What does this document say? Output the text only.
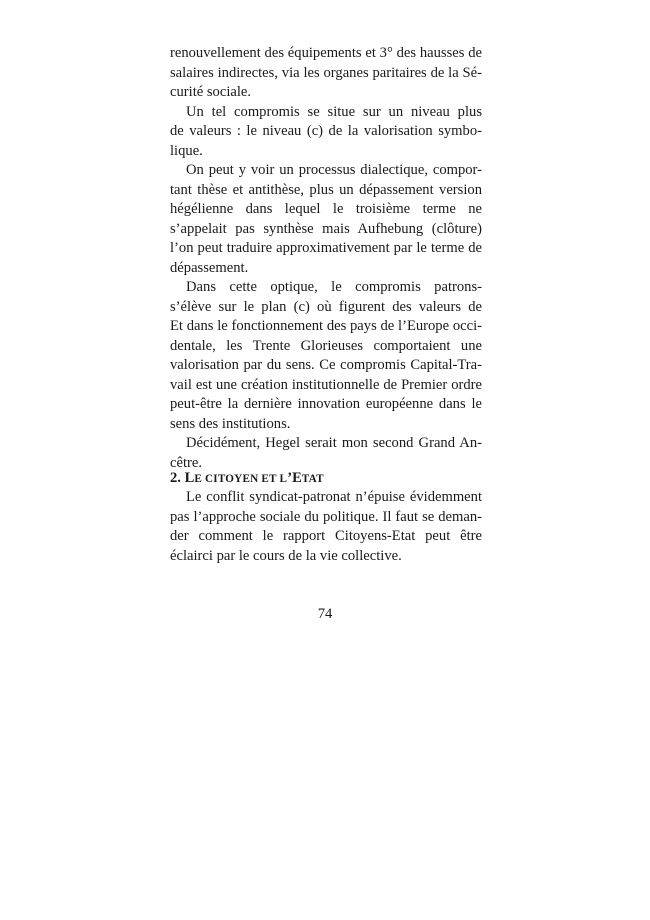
renouvellement des équipements et 3° des hausses de
salaires indirectes, via les organes paritaires de la Sé-
curité sociale.
Un tel compromis se situe sur un niveau plus
de valeurs : le niveau (c) de la valorisation symbo-
lique.
On peut y voir un processus dialectique, compor-
tant thèse et antithèse, plus un dépassement version
hégélienne dans lequel le troisième terme ne
s’appelait pas synthèse mais Aufhebung (clôture)
l’on peut traduire approximativement par le terme de
dépassement.
Dans cette optique, le compromis patrons-
s’élève sur le plan (c) où figurent des valeurs de
Et dans le fonctionnement des pays de l’Europe occi-
dentale, les Trente Glorieuses comportaient une
valorisation par du sens. Ce compromis Capital-Tra-
vail est une création institutionnelle de Premier ordre
peut-être la dernière innovation européenne dans le
sens des institutions.
Décidément, Hegel serait mon second Grand An-
cêtre.
2. LE CITOYEN ET L’ETAT
Le conflit syndicat-patronat n’épuise évidemment
pas l’approche sociale du politique. Il faut se deman-
der comment le rapport Citoyens-Etat peut être
éclairci par le cours de la vie collective.
74
